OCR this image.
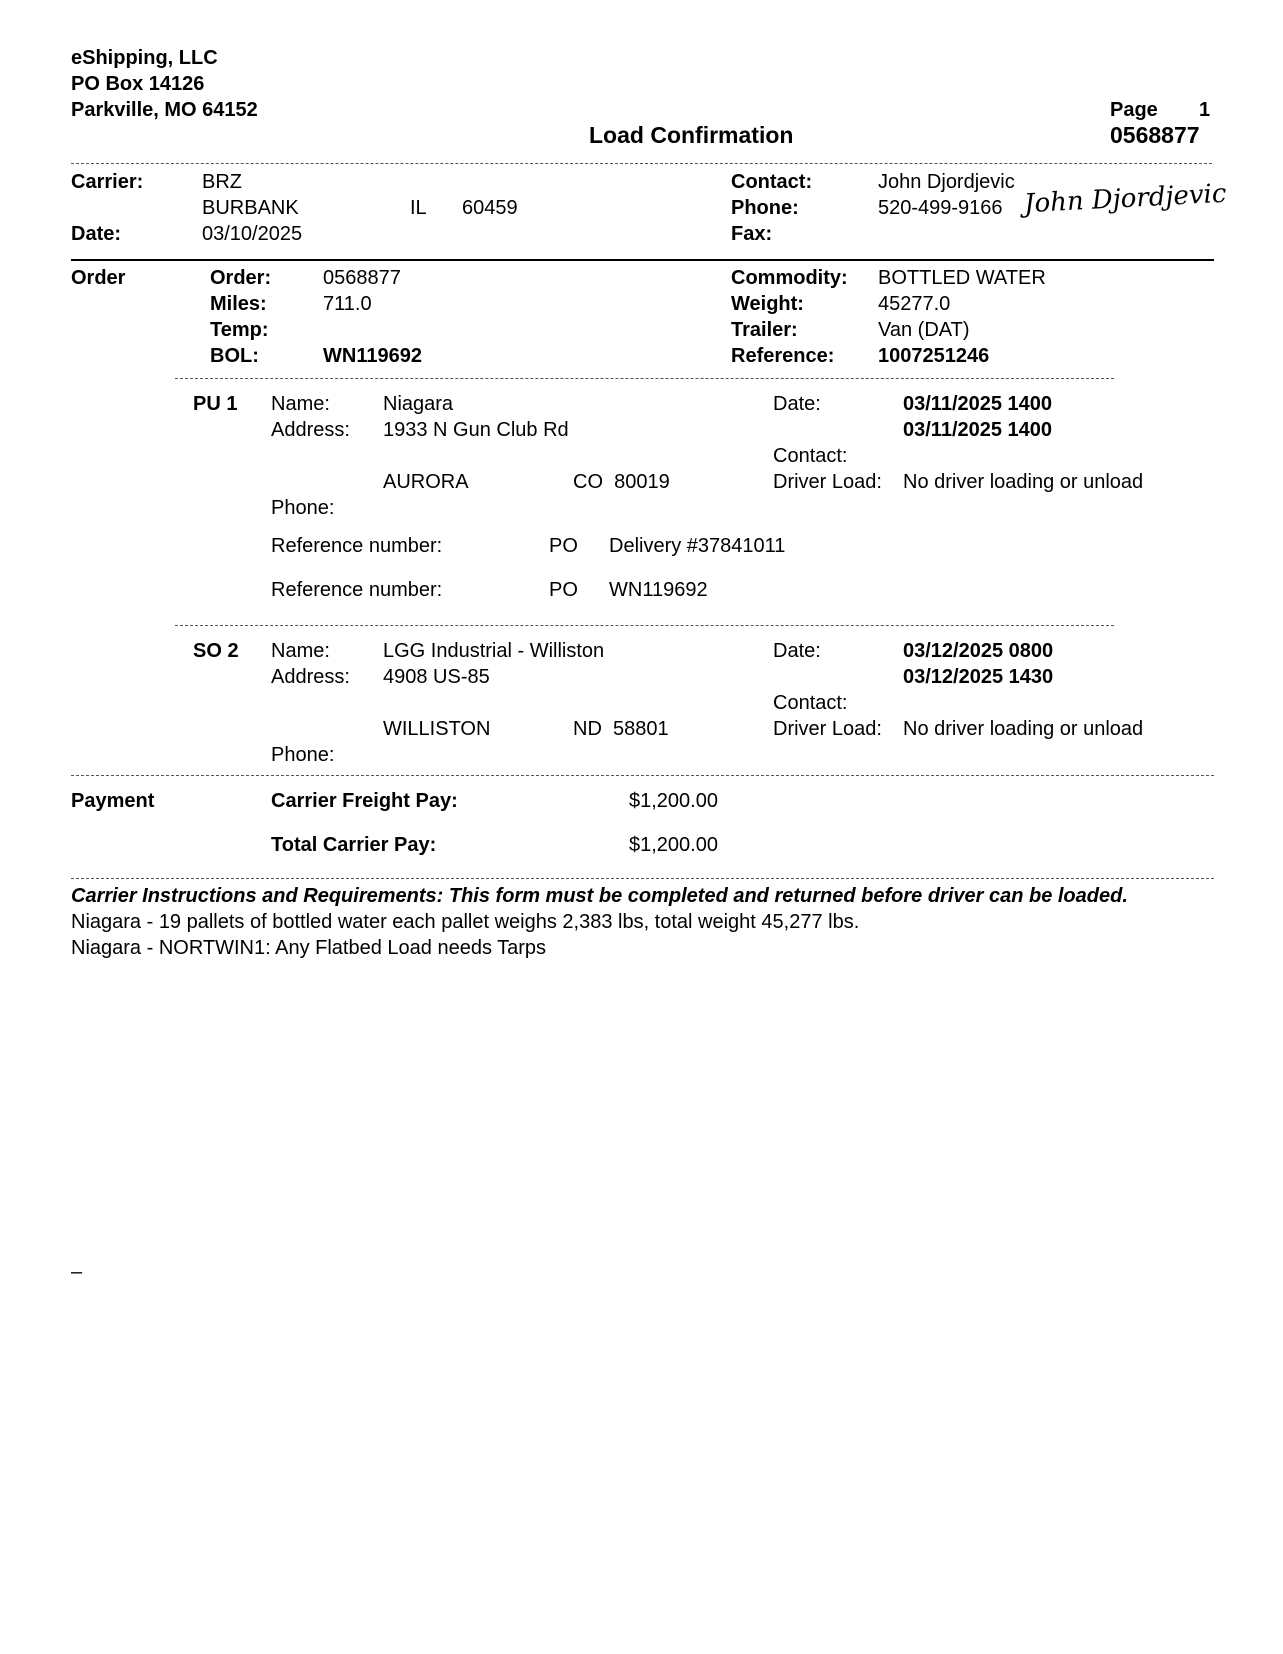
eShipping, LLC
PO Box 14126
Parkville, MO 64152	Page 1
Load Confirmation	0568877
Carrier:	BRZ
BURBANK	IL 60459
Date:	03/10/2025
Contact:	John Djordjevic
Phone:	520-499-9166
Fax:
John Djordjevic
Order	Order:	0568877
Miles:	711.0
Temp:
BOL:	WN119692
Commodity: BOTTLED WATER
Weight:	45277.0
Trailer:	Van (DAT)
Reference: 1007251246
PU 1 Name:	Niagara
Address: 1933 N Gun Club Rd
AURORA	CO  80019
Phone:
Date:	03/11/2025 1400
03/11/2025 1400
Contact:
Driver Load: No driver loading or unload
Reference number:	PO Delivery #37841011
Reference number:	PO WN119692
SO 2 Name:	LGG Industrial - Williston
Address: 4908 US-85
WILLISTON	ND  58801
Phone:
Date:	03/12/2025 0800
03/12/2025 1430
Contact:
Driver Load: No driver loading or unload
Payment	Carrier Freight Pay:	$1,200.00
Total Carrier Pay:	$1,200.00
Carrier Instructions and Requirements: This form must be completed and returned before driver can be loaded.
Niagara - 19 pallets of bottled water each pallet weighs 2,383 lbs, total weight 45,277 lbs.
Niagara - NORTWIN1: Any Flatbed Load needs Tarps
–
